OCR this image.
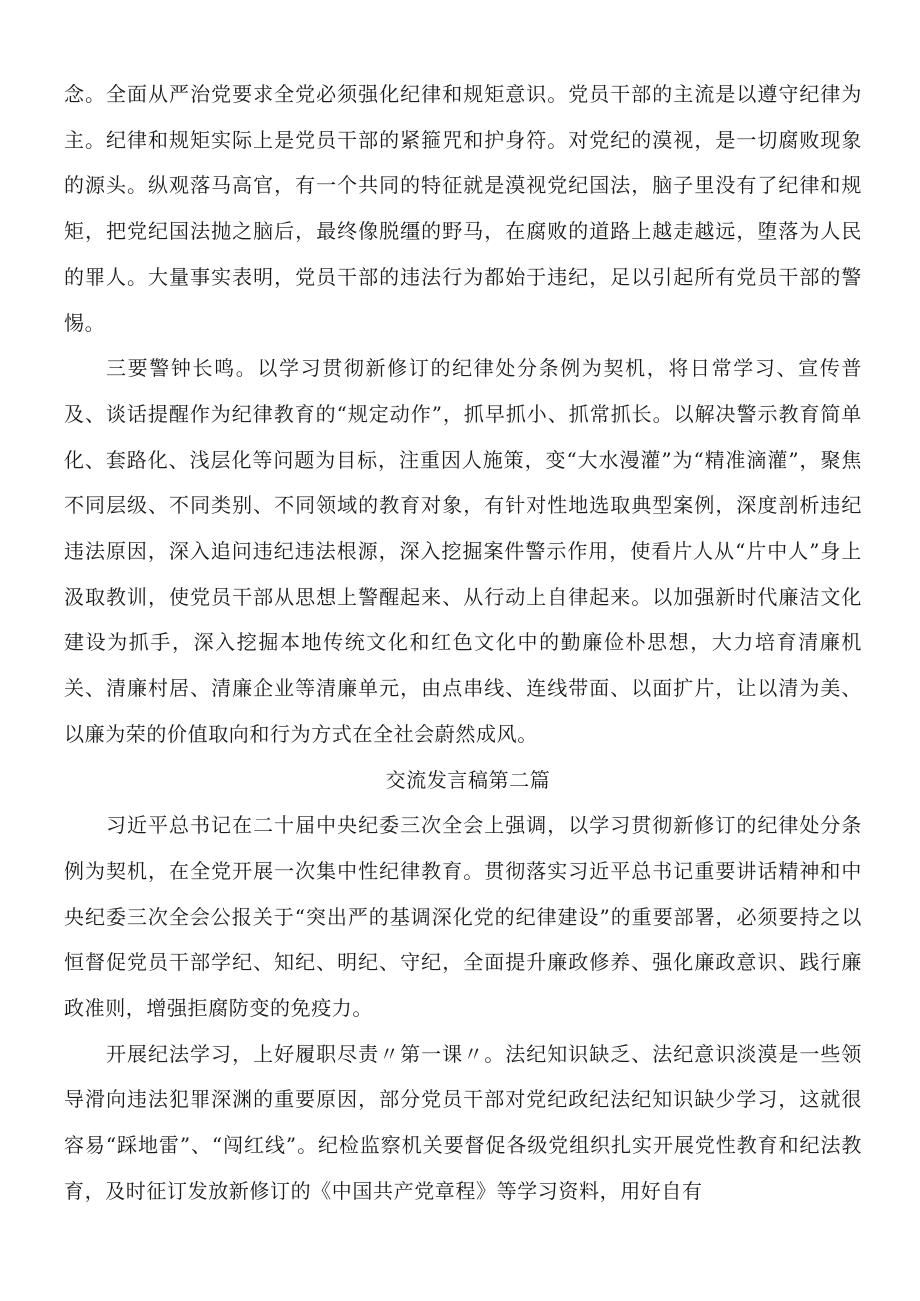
念。全面从严治党要求全党必须强化纪律和规矩意识。党员干部的主流是以遵守纪律为主。纪律和规矩实际上是党员干部的紧箍咒和护身符。对党纪的漠视，是一切腐败现象的源头。纵观落马高官，有一个共同的特征就是漠视党纪国法，脑子里没有了纪律和规矩，把党纪国法抛之脑后，最终像脱缰的野马，在腐败的道路上越走越远，堕落为人民的罪人。大量事实表明，党员干部的违法行为都始于违纪，足以引起所有党员干部的警惕。

三要警钟长鸣。以学习贯彻新修订的纪律处分条例为契机，将日常学习、宣传普及、谈话提醒作为纪律教育的“规定动作”，抓早抓小、抓常抓长。以解决警示教育简单化、套路化、浅层化等问题为目标，注重因人施策，变“大水漫灌”为“精准滴灌”，聚焦不同层级、不同类别、不同领域的教育对象，有针对性地选取典型案例，深度剖析违纪违法原因，深入追问违纪违法根源，深入挖掘案件警示作用，使看片人从“片中人”身上汲取教训，使党员干部从思想上警醒起来、从行动上自律起来。以加强新时代廉洁文化建设为抓手，深入挖掘本地传统文化和红色文化中的勤廉俭朴思想，大力培育清廉机关、清廉村居、清廉企业等清廉单元，由点串线、连线带面、以面扩片，让以清为美、以廉为荣的价值取向和行为方式在全社会蔚然成风。

交流发言稿第二篇

习近平总书记在二十届中央纪委三次全会上强调，以学习贯彻新修订的纪律处分条例为契机，在全党开展一次集中性纪律教育。贯彻落实习近平总书记重要讲话精神和中央纪委三次全会公报关于“突出严的基调深化党的纪律建设”的重要部署，必须要持之以恒督促党员干部学纪、知纪、明纪、守纪，全面提升廉政修养、强化廉政意识、践行廉政准则，增强拒腐防变的免疫力。

开展纪法学习，上好履职尽责〃第一课〃。法纪知识缺乏、法纪意识淡漠是一些领导滑向违法犯罪深渊的重要原因，部分党员干部对党纪政纪法纪知识缺少学习，这就很容易“踩地雷”、“闯红线”。纪检监察机关要督促各级党组织扎实开展党性教育和纪法教育，及时征订发放新修订的《中国共产党章程》等学习资料，用好自有
